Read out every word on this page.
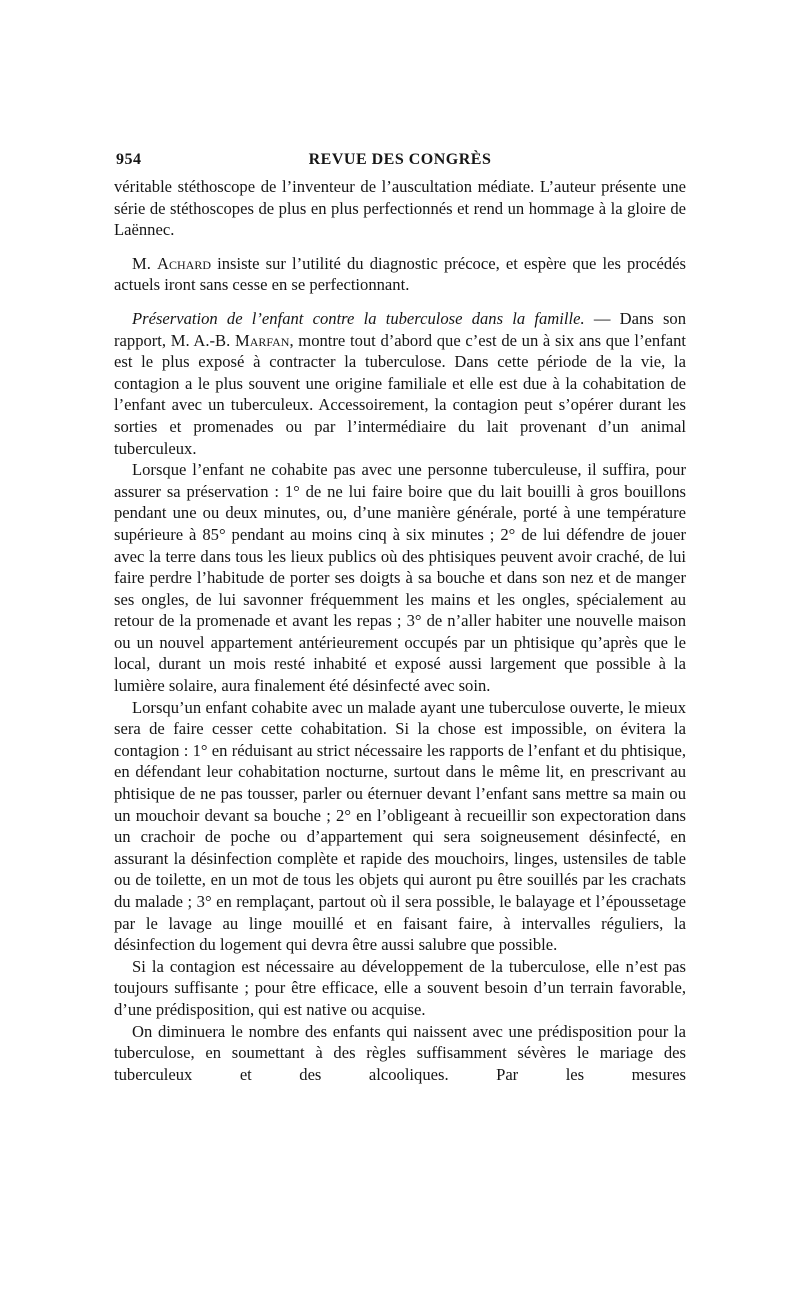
954	REVUE DES CONGRÈS

véritable stéthoscope de l’inventeur de l’auscultation médiate. L’auteur présente une série de stéthoscopes de plus en plus perfectionnés et rend un hommage à la gloire de Laënnec.

M. Achard insiste sur l’utilité du diagnostic précoce, et espère que les procédés actuels iront sans cesse en se perfectionnant.

Préservation de l’enfant contre la tuberculose dans la famille. — Dans son rapport, M. A.-B. Marfan, montre tout d’abord que c’est de un à six ans que l’enfant est le plus exposé à contracter la tuberculose. Dans cette période de la vie, la contagion a le plus souvent une origine familiale et elle est due à la cohabitation de l’enfant avec un tuberculeux. Accessoirement, la contagion peut s’opérer durant les sorties et promenades ou par l’intermédiaire du lait provenant d’un animal tuberculeux.

Lorsque l’enfant ne cohabite pas avec une personne tuberculeuse, il suffira, pour assurer sa préservation : 1° de ne lui faire boire que du lait bouilli à gros bouillons pendant une ou deux minutes, ou, d’une manière générale, porté à une température supérieure à 85° pendant au moins cinq à six minutes ; 2° de lui défendre de jouer avec la terre dans tous les lieux publics où des phtisiques peuvent avoir craché, de lui faire perdre l’habitude de porter ses doigts à sa bouche et dans son nez et de manger ses ongles, de lui savonner fréquemment les mains et les ongles, spécialement au retour de la promenade et avant les repas ; 3° de n’aller habiter une nouvelle maison ou un nouvel appartement antérieurement occupés par un phtisique qu’après que le local, durant un mois resté inhabité et exposé aussi largement que possible à la lumière solaire, aura finalement été désinfecté avec soin.

Lorsqu’un enfant cohabite avec un malade ayant une tuberculose ouverte, le mieux sera de faire cesser cette cohabitation. Si la chose est impossible, on évitera la contagion : 1° en réduisant au strict nécessaire les rapports de l’enfant et du phtisique, en défendant leur cohabitation nocturne, surtout dans le même lit, en prescrivant au phtisique de ne pas tousser, parler ou éternuer devant l’enfant sans mettre sa main ou un mouchoir devant sa bouche ; 2° en l’obligeant à recueillir son expectoration dans un crachoir de poche ou d’appartement qui sera soigneusement désinfecté, en assurant la désinfection complète et rapide des mouchoirs, linges, ustensiles de table ou de toilette, en un mot de tous les objets qui auront pu être souillés par les crachats du malade ; 3° en remplaçant, partout où il sera possible, le balayage et l’époussetage par le lavage au linge mouillé et en faisant faire, à intervalles réguliers, la désinfection du logement qui devra être aussi salubre que possible.

Si la contagion est nécessaire au développement de la tuberculose, elle n’est pas toujours suffisante ; pour être efficace, elle a souvent besoin d’un terrain favorable, d’une prédisposition, qui est native ou acquise.

On diminuera le nombre des enfants qui naissent avec une prédisposition pour la tuberculose, en soumettant à des règles suffisamment sévères le mariage des tuberculeux et des alcooliques. Par les mesures
